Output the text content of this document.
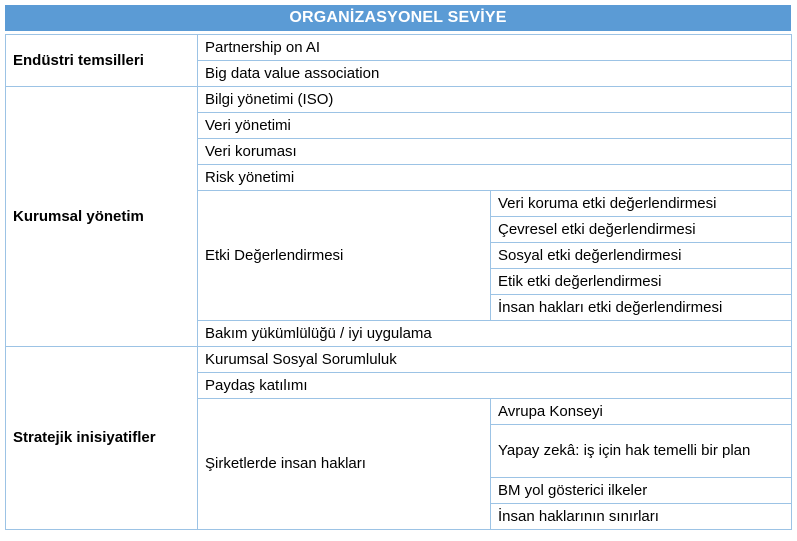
ORGANİZASYONEL SEVİYE
Endüstri temsilleri	Partnership on AI	
	Big data value association	
Kurumsal yönetim	Bilgi yönetimi (ISO)	
	Veri yönetimi	
	Veri koruması	
	Risk yönetimi	
	Etki Değerlendirmesi	Veri koruma etki değerlendirmesi
		Çevresel etki değerlendirmesi
		Sosyal etki değerlendirmesi
		Etik etki değerlendirmesi
		İnsan hakları etki değerlendirmesi
	Bakım yükümlülüğü / iyi uygulama	
Stratejik inisiyatifler	Kurumsal Sosyal Sorumluluk	
	Paydaş katılımı	
	Şirketlerde insan hakları	Avrupa Konseyi

		Yapay zekâ: iş için hak temelli bir plan

		BM yol gösterici ilkeler
		İnsan haklarının sınırları
